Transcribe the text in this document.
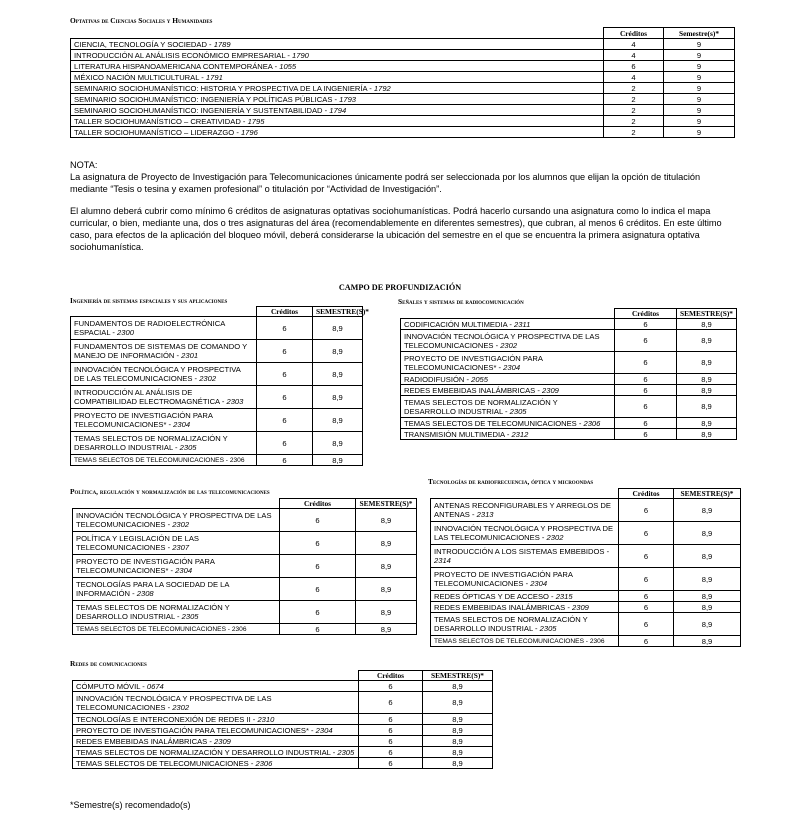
Optativas de Ciencias Sociales y Humanidades
	Créditos	Semestre(s)*
CIENCIA, TECNOLOGÍA Y SOCIEDAD - 1789	4	9
INTRODUCCIÓN AL ANÁLISIS ECONÓMICO EMPRESARIAL - 1790	4	9
LITERATURA HISPANOAMERICANA CONTEMPORÁNEA - 1055	6	9
MÉXICO NACIÓN MULTICULTURAL - 1791	4	9
SEMINARIO SOCIOHUMANÍSTICO: HISTORIA Y PROSPECTIVA DE LA INGENIERÍA - 1792	2	9
SEMINARIO SOCIOHUMANÍSTICO: INGENIERÍA Y POLÍTICAS PÚBLICAS - 1793	2	9
SEMINARIO SOCIOHUMANÍSTICO: INGENIERÍA Y SUSTENTABILIDAD - 1794	2	9
TALLER SOCIOHUMANÍSTICO – CREATIVIDAD - 1795	2	9
TALLER SOCIOHUMANÍSTICO – LIDERAZGO - 1796	2	9
NOTA:
La asignatura de Proyecto de Investigación para Telecomunicaciones únicamente podrá ser seleccionada por los alumnos que elijan la opción de titulación mediante “Tesis o tesina y examen profesional” o titulación por “Actividad de Investigación”.
El alumno deberá cubrir como mínimo 6 créditos de asignaturas optativas sociohumanísticas. Podrá hacerlo cursando una asignatura como lo indica el mapa curricular, o bien, mediante una, dos o tres asignaturas del área (recomendablemente en diferentes semestres), que cubran, al menos 6 créditos. En este último caso, para efectos de la aplicación del bloqueo móvil, deberá considerarse la ubicación del semestre en el que se encuentra la primera asignatura optativa sociohumanística.
CAMPO DE PROFUNDIZACIÓN
Ingeniería de sistemas espaciales y sus aplicaciones
	Créditos	SEMESTRE(S)*
FUNDAMENTOS DE RADIOELECTRÓNICA ESPACIAL - 2300	6	8,9
FUNDAMENTOS DE SISTEMAS DE COMANDO Y MANEJO DE INFORMACIÓN - 2301	6	8,9
INNOVACIÓN TECNOLÓGICA Y PROSPECTIVA DE LAS TELECOMUNICACIONES - 2302	6	8,9
INTRODUCCIÓN AL ANÁLISIS DE COMPATIBILIDAD ELECTROMAGNÉTICA - 2303	6	8,9
PROYECTO DE INVESTIGACIÓN PARA TELECOMUNICACIONES* - 2304	6	8,9
TEMAS SELECTOS DE NORMALIZACIÓN Y DESARROLLO INDUSTRIAL - 2305	6	8,9
TEMAS SELECTOS DE TELECOMUNICACIONES - 2306	6	8,9
Señales y sistemas de radiocomunicación
	Créditos	SEMESTRE(S)*
CODIFICACIÓN MULTIMEDIA - 2311	6	8,9
INNOVACIÓN TECNOLÓGICA Y PROSPECTIVA DE LAS TELECOMUNICACIONES - 2302	6	8,9
PROYECTO DE INVESTIGACIÓN PARA TELECOMUNICACIONES* - 2304	6	8,9
RADIODIFUSIÓN - 2055	6	8,9
REDES EMBEBIDAS INALÁMBRICAS - 2309	6	8,9
TEMAS SELECTOS DE NORMALIZACIÓN Y DESARROLLO INDUSTRIAL - 2305	6	8,9
TEMAS SELECTOS DE TELECOMUNICACIONES - 2306	6	8,9
TRANSMISIÓN MULTIMEDIA - 2312	6	8,9
Tecnologías de radiofrecuencia, óptica y microondas
	Créditos	SEMESTRE(S)*
ANTENAS RECONFIGURABLES Y ARREGLOS DE ANTENAS - 2313	6	8,9
INNOVACIÓN TECNOLÓGICA Y PROSPECTIVA DE LAS TELECOMUNICACIONES - 2302	6	8,9
INTRODUCCIÓN A LOS SISTEMAS EMBEBIDOS - 2314	6	8,9
PROYECTO DE INVESTIGACIÓN PARA TELECOMUNICACIONES - 2304	6	8,9
REDES ÓPTICAS Y DE ACCESO - 2315	6	8,9
REDES EMBEBIDAS INALÁMBRICAS - 2309	6	8,9
TEMAS SELECTOS DE NORMALIZACIÓN Y DESARROLLO INDUSTRIAL - 2305	6	8,9
TEMAS SELECTOS DE TELECOMUNICACIONES - 2306	6	8,9
Política, regulación y normalización de las telecomunicaciones
	Créditos	SEMESTRE(S)*
INNOVACIÓN TECNOLÓGICA Y PROSPECTIVA DE LAS TELECOMUNICACIONES - 2302	6	8,9
POLÍTICA Y LEGISLACIÓN DE LAS TELECOMUNICACIONES - 2307	6	8,9
PROYECTO DE INVESTIGACIÓN PARA TELECOMUNICACIONES* - 2304	6	8,9
TECNOLOGÍAS PARA LA SOCIEDAD DE LA INFORMACIÓN - 2308	6	8,9
TEMAS SELECTOS DE NORMALIZACIÓN Y DESARROLLO INDUSTRIAL - 2305	6	8,9
TEMAS SELECTOS DE TELECOMUNICACIONES - 2306	6	8,9
Redes de comunicaciones
	Créditos	SEMESTRE(S)*
CÓMPUTO MÓVIL - 0674	6	8,9
INNOVACIÓN TECNOLÓGICA Y PROSPECTIVA DE LAS TELECOMUNICACIONES - 2302	6	8,9
TECNOLOGÍAS E INTERCONEXIÓN DE REDES II - 2310	6	8,9
PROYECTO DE INVESTIGACIÓN PARA TELECOMUNICACIONES* - 2304	6	8,9
REDES EMBEBIDAS INALÁMBRICAS - 2309	6	8,9
TEMAS SELECTOS DE NORMALIZACIÓN Y DESARROLLO INDUSTRIAL - 2305	6	8,9
TEMAS SELECTOS DE TELECOMUNICACIONES - 2306	6	8,9
*Semestre(s) recomendado(s)
